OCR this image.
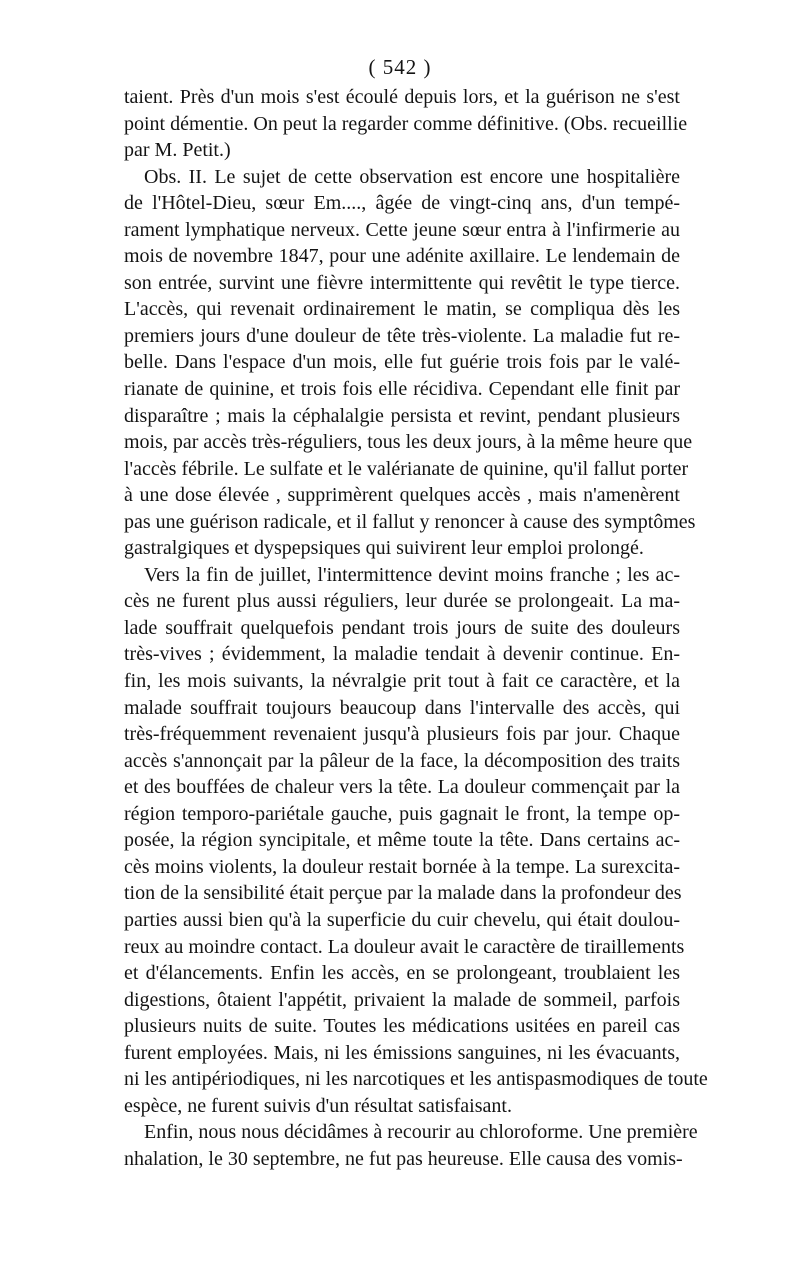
( 542 )
taient. Près d'un mois s'est écoulé depuis lors, et la guérison ne s'est
point démentie. On peut la regarder comme définitive. (Obs. recueillie
par M. Petit.)
Obs. II. Le sujet de cette observation est encore une hospitalière
de l'Hôtel-Dieu, sœur Em...., âgée de vingt-cinq ans, d'un tempé-
rament lymphatique nerveux. Cette jeune sœur entra à l'infirmerie au
mois de novembre 1847, pour une adénite axillaire. Le lendemain de
son entrée, survint une fièvre intermittente qui revêtit le type tierce.
L'accès, qui revenait ordinairement le matin, se compliqua dès les
premiers jours d'une douleur de tête très-violente. La maladie fut re-
belle. Dans l'espace d'un mois, elle fut guérie trois fois par le valé-
rianate de quinine, et trois fois elle récidiva. Cependant elle finit par
disparaître ; mais la céphalalgie persista et revint, pendant plusieurs
mois, par accès très-réguliers, tous les deux jours, à la même heure que
l'accès fébrile. Le sulfate et le valérianate de quinine, qu'il fallut porter
à une dose élevée , supprimèrent quelques accès , mais n'amenèrent
pas une guérison radicale, et il fallut y renoncer à cause des symptômes
gastralgiques et dyspepsiques qui suivirent leur emploi prolongé.
Vers la fin de juillet, l'intermittence devint moins franche ; les ac-
cès ne furent plus aussi réguliers, leur durée se prolongeait. La ma-
lade souffrait quelquefois pendant trois jours de suite des douleurs
très-vives ; évidemment, la maladie tendait à devenir continue. En-
fin, les mois suivants, la névralgie prit tout à fait ce caractère, et la
malade souffrait toujours beaucoup dans l'intervalle des accès, qui
très-fréquemment revenaient jusqu'à plusieurs fois par jour. Chaque
accès s'annonçait par la pâleur de la face, la décomposition des traits
et des bouffées de chaleur vers la tête. La douleur commençait par la
région temporo-pariétale gauche, puis gagnait le front, la tempe op-
posée, la région syncipitale, et même toute la tête. Dans certains ac-
cès moins violents, la douleur restait bornée à la tempe. La surexcita-
tion de la sensibilité était perçue par la malade dans la profondeur des
parties aussi bien qu'à la superficie du cuir chevelu, qui était doulou-
reux au moindre contact. La douleur avait le caractère de tiraillements
et d'élancements. Enfin les accès, en se prolongeant, troublaient les
digestions, ôtaient l'appétit, privaient la malade de sommeil, parfois
plusieurs nuits de suite. Toutes les médications usitées en pareil cas
furent employées. Mais, ni les émissions sanguines, ni les évacuants,
ni les antipériodiques, ni les narcotiques et les antispasmodiques de toute
espèce, ne furent suivis d'un résultat satisfaisant.
Enfin, nous nous décidâmes à recourir au chloroforme. Une première
nhalation, le 30 septembre, ne fut pas heureuse. Elle causa des vomis-
